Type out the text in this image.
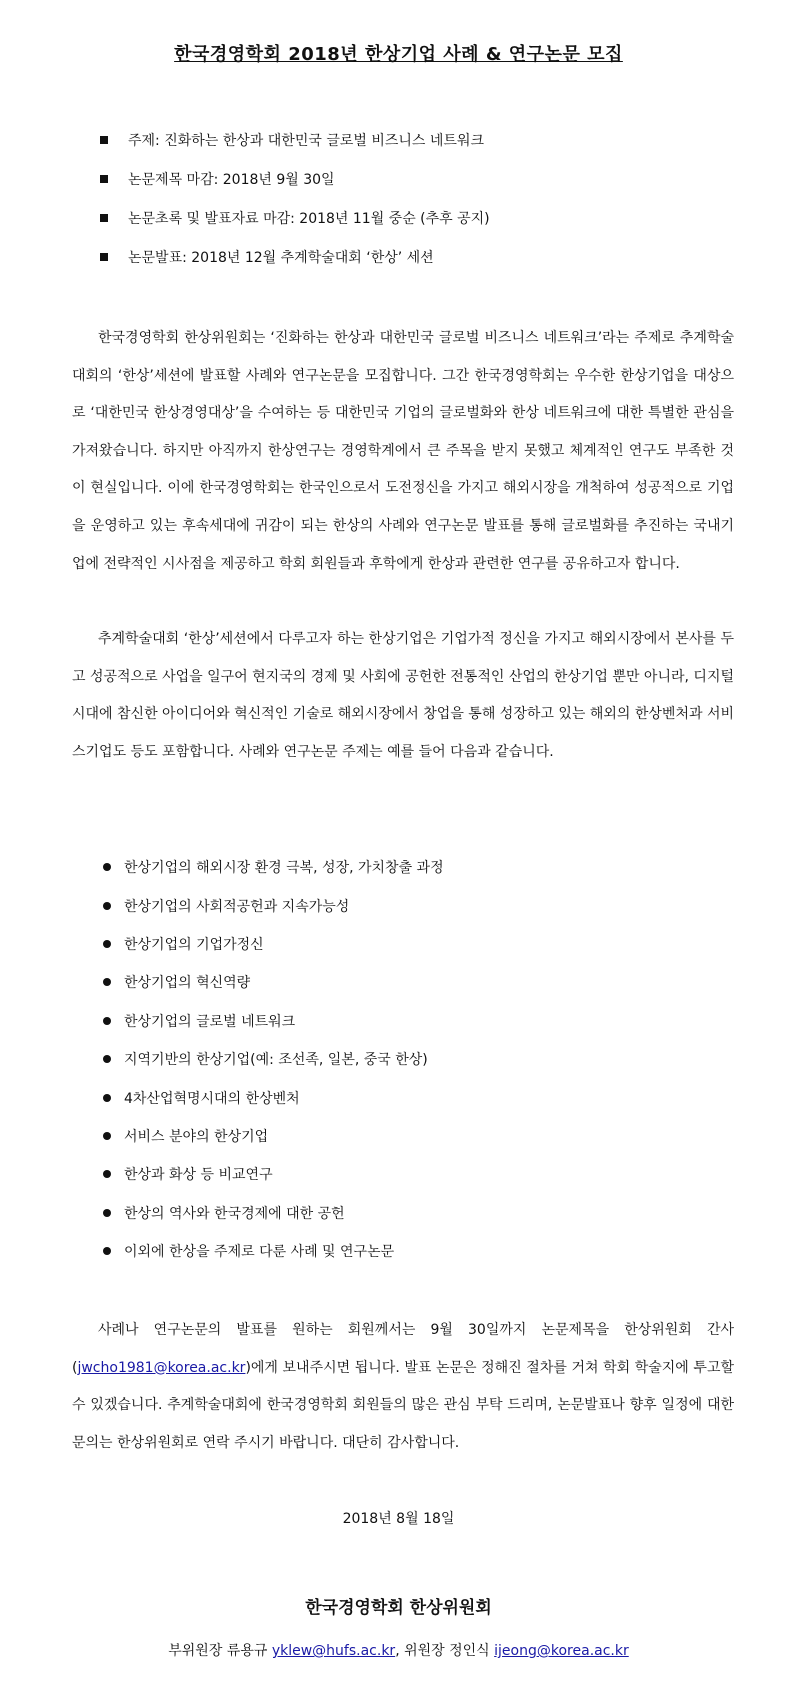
한국경영학회 2018년 한상기업 사례 & 연구논문 모집
주제: 진화하는 한상과 대한민국 글로벌 비즈니스 네트워크
논문제목 마감: 2018년 9월 30일
논문초록 및 발표자료 마감: 2018년 11월 중순 (추후 공지)
논문발표: 2018년 12월 추계학술대회 ‘한상’ 세션

한국경영학회 한상위원회는 ‘진화하는 한상과 대한민국 글로벌 비즈니스 네트워크’라는 주제로 추계학술대회의 ‘한상’세션에 발표할 사례와 연구논문을 모집합니다. 그간 한국경영학회는 우수한 한상기업을 대상으로 ‘대한민국 한상경영대상’을 수여하는 등 대한민국 기업의 글로벌화와 한상 네트워크에 대한 특별한 관심을 가져왔습니다. 하지만 아직까지 한상연구는 경영학계에서 큰 주목을 받지 못했고 체계적인 연구도 부족한 것이 현실입니다. 이에 한국경영학회는 한국인으로서 도전정신을 가지고 해외시장을 개척하여 성공적으로 기업을 운영하고 있는 후속세대에 귀감이 되는 한상의 사례와 연구논문 발표를 통해 글로벌화를 추진하는 국내기업에 전략적인 시사점을 제공하고 학회 회원들과 후학에게 한상과 관련한 연구를 공유하고자 합니다.

추계학술대회 ‘한상’세션에서 다루고자 하는 한상기업은 기업가적 정신을 가지고 해외시장에서 본사를 두고 성공적으로 사업을 일구어 현지국의 경제 및 사회에 공헌한 전통적인 산업의 한상기업 뿐만 아니라, 디지털 시대에 참신한 아이디어와 혁신적인 기술로 해외시장에서 창업을 통해 성장하고 있는 해외의 한상벤처과 서비스기업도 등도 포함합니다. 사례와 연구논문 주제는 예를 들어 다음과 같습니다.

한상기업의 해외시장 환경 극복, 성장, 가치창출 과정
한상기업의 사회적공헌과 지속가능성
한상기업의 기업가정신
한상기업의 혁신역량
한상기업의 글로벌 네트워크
지역기반의 한상기업(예: 조선족, 일본, 중국 한상)
4차산업혁명시대의 한상벤처
서비스 분야의 한상기업
한상과 화상 등 비교연구
한상의 역사와 한국경제에 대한 공헌
이외에 한상을 주제로 다룬 사례 및 연구논문

사례나 연구논문의 발표를 원하는 회원께서는 9월 30일까지 논문제목을 한상위원회 간사 (jwcho1981@korea.ac.kr)에게 보내주시면 됩니다. 발표 논문은 정해진 절차를 거쳐 학회 학술지에 투고할 수 있겠습니다. 추계학술대회에 한국경영학회 회원들의 많은 관심 부탁 드리며, 논문발표나 향후 일정에 대한 문의는 한상위원회로 연락 주시기 바랍니다. 대단히 감사합니다.

2018년 8월 18일
한국경영학회 한상위원회
부위원장 류용규 yklew@hufs.ac.kr, 위원장 정인식 ijeong@korea.ac.kr
